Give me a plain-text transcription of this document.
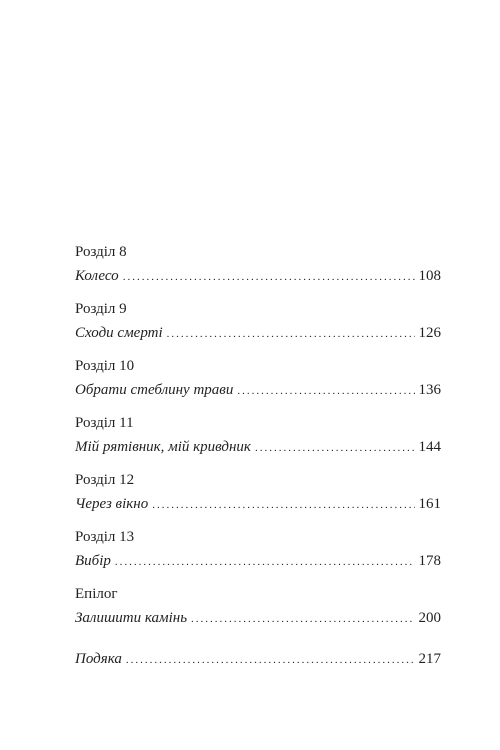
Розділ 8
Колесо .....	108
Розділ 9
Сходи смерті .....	126
Розділ 10
Обрати стеблину трави .....	136
Розділ 11
Мій рятівник, мій кривдник .....	144
Розділ 12
Через вікно .....	161
Розділ 13
Вибір .....	178
Епілог
Залишити камінь .....	200
Подяка .....	217
